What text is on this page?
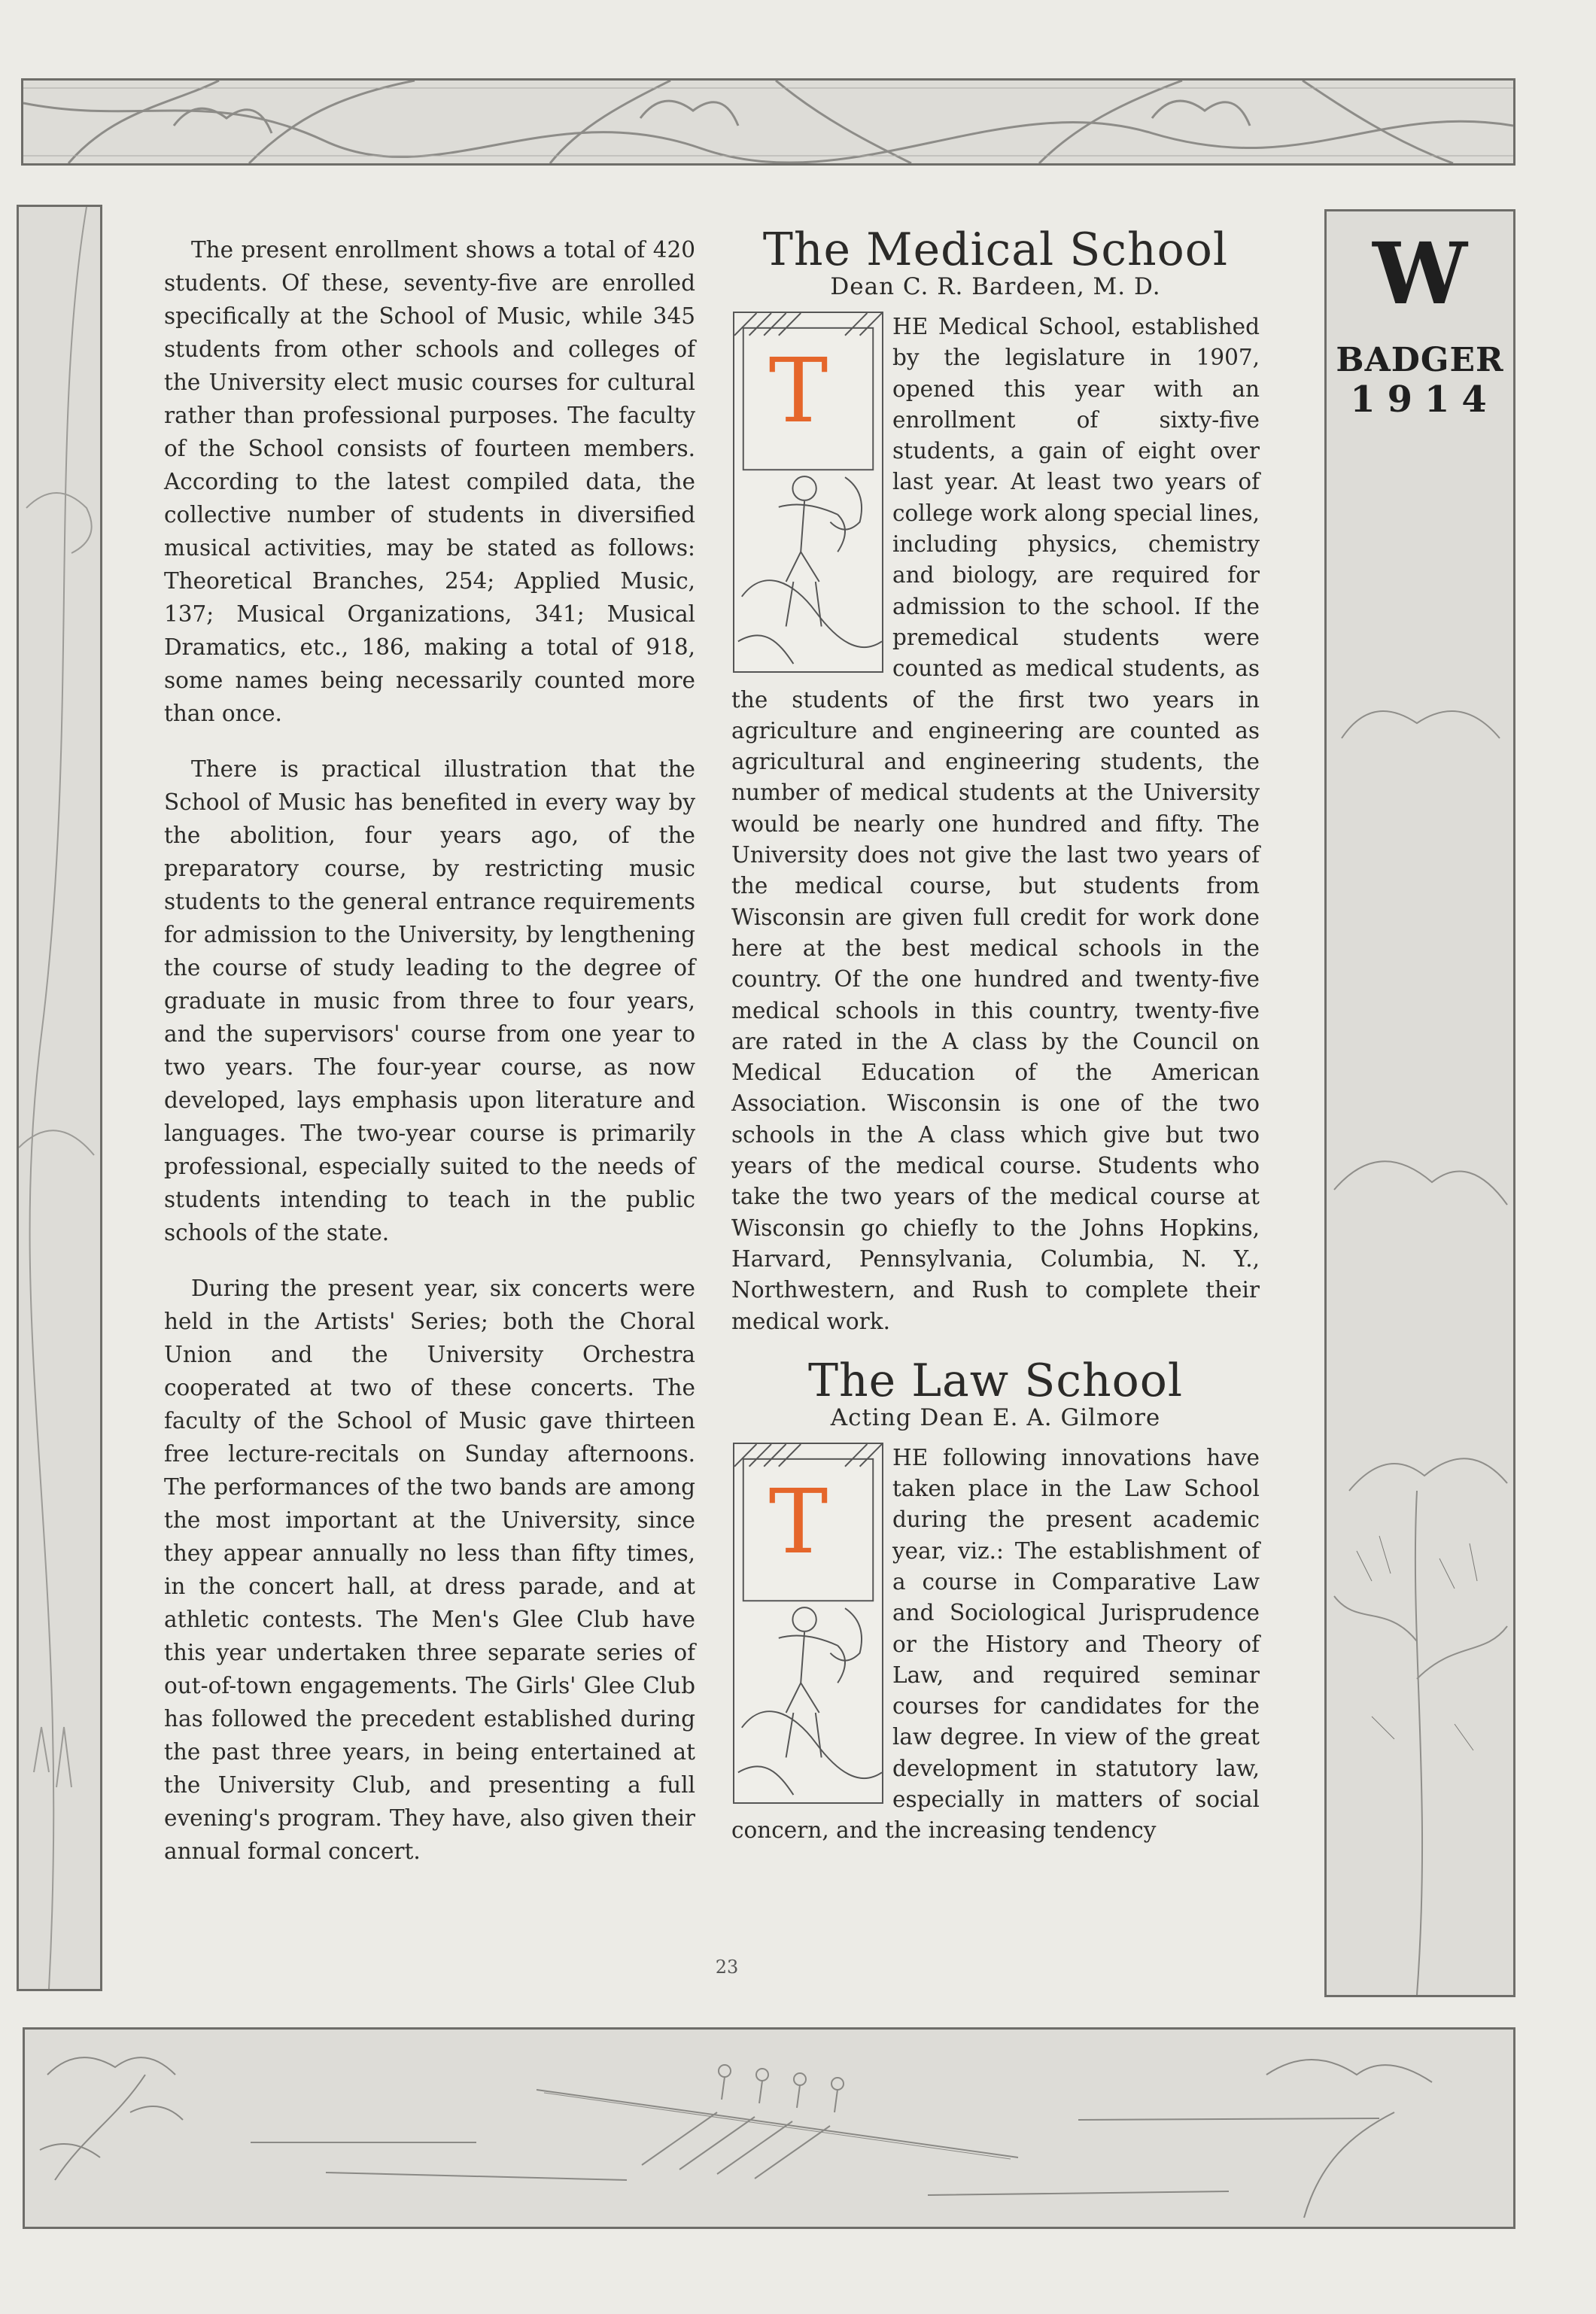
W
BADGER
1914

The present enrollment shows a total of 420 students. Of these, seventy-five are enrolled specifically at the School of Music, while 345 students from other schools and colleges of the University elect music courses for cultural rather than professional purposes. The faculty of the School consists of fourteen members. According to the latest compiled data, the collective number of students in diversified musical activities, may be stated as follows: Theoretical Branches, 254; Applied Music, 137; Musical Organizations, 341; Musical Dramatics, etc., 186, making a total of 918, some names being necessarily counted more than once.

There is practical illustration that the School of Music has benefited in every way by the abolition, four years ago, of the preparatory course, by restricting music students to the general entrance requirements for admission to the University, by lengthening the course of study leading to the degree of graduate in music from three to four years, and the supervisors' course from one year to two years. The four-year course, as now developed, lays emphasis upon literature and languages. The two-year course is primarily professional, especially suited to the needs of students intending to teach in the public schools of the state.

During the present year, six concerts were held in the Artists' Series; both the Choral Union and the University Orchestra cooperated at two of these concerts. The faculty of the School of Music gave thirteen free lecture-recitals on Sunday afternoons. The performances of the two bands are among the most important at the University, since they appear annually no less than fifty times, in the concert hall, at dress parade, and at athletic contests. The Men's Glee Club have this year undertaken three separate series of out-of-town engagements. The Girls' Glee Club has followed the precedent established during the past three years, in being entertained at the University Club, and presenting a full evening's program. They have, also given their annual formal concert.

The Medical School
Dean C. R. Bardeen, M. D.
T

HE Medical School, established by the legislature in 1907, opened this year with an enrollment of sixty-five students, a gain of eight over last year. At least two years of college work along special lines, including physics, chemistry and biology, are required for admission to the school. If the premedical students were counted as medical students, as the students of the first two years in agriculture and engineering are counted as agricultural and engineering students, the number of medical students at the University would be nearly one hundred and fifty. The University does not give the last two years of the medical course, but students from Wisconsin are given full credit for work done here at the best medical schools in the country. Of the one hundred and twenty-five medical schools in this country, twenty-five are rated in the A class by the Council on Medical Education of the American Association. Wisconsin is one of the two schools in the A class which give but two years of the medical course. Students who take the two years of the medical course at Wisconsin go chiefly to the Johns Hopkins, Harvard, Pennsylvania, Columbia, N. Y., Northwestern, and Rush to complete their medical work.

The Law School
Acting Dean E. A. Gilmore
T

HE following innovations have taken place in the Law School during the present academic year, viz.: The establishment of a course in Comparative Law and Sociological Jurisprudence or the History and Theory of Law, and required seminar courses for candidates for the law degree. In view of the great development in statutory law, especially in matters of social concern, and the increasing tendency

23
